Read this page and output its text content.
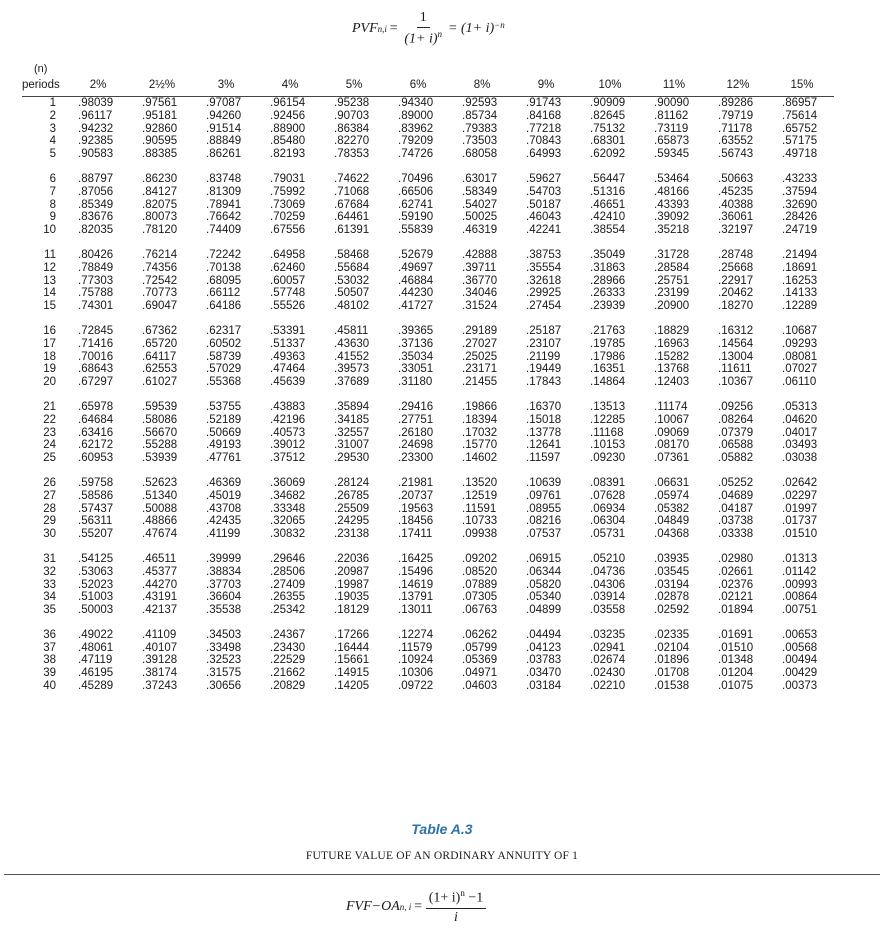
PVF $n,i = \frac{1}{(1+ i)^n} = (1+ i)^{-n}$
(n)
periods	2%	2½%	3%	4%	5%	6%	8%	9%	10%	11%	12%	15%
1	.98039	.97561	.97087	.96154	.95238	.94340	.92593	.91743	.90909	.90090	.89286	.86957
2	.96117	.95181	.94260	.92456	.90703	.89000	.85734	.84168	.82645	.81162	.79719	.75614
3	.94232	.92860	.91514	.88900	.86384	.83962	.79383	.77218	.75132	.73119	.71178	.65752
4	.92385	.90595	.88849	.85480	.82270	.79209	.73503	.70843	.68301	.65873	.63552	.57175
5	.90583	.88385	.86261	.82193	.78353	.74726	.68058	.64993	.62092	.59345	.56743	.49718

6	.88797	.86230	.83748	.79031	.74622	.70496	.63017	.59627	.56447	.53464	.50663	.43233
7	.87056	.84127	.81309	.75992	.71068	.66506	.58349	.54703	.51316	.48166	.45235	.37594
8	.85349	.82075	.78941	.73069	.67684	.62741	.54027	.50187	.46651	.43393	.40388	.32690
9	.83676	.80073	.76642	.70259	.64461	.59190	.50025	.46043	.42410	.39092	.36061	.28426
10	.82035	.78120	.74409	.67556	.61391	.55839	.46319	.42241	.38554	.35218	.32197	.24719

11	.80426	.76214	.72242	.64958	.58468	.52679	.42888	.38753	.35049	.31728	.28748	.21494
12	.78849	.74356	.70138	.62460	.55684	.49697	.39711	.35554	.31863	.28584	.25668	.18691
13	.77303	.72542	.68095	.60057	.53032	.46884	.36770	.32618	.28966	.25751	.22917	.16253
14	.75788	.70773	.66112	.57748	.50507	.44230	.34046	.29925	.26333	.23199	.20462	.14133
15	.74301	.69047	.64186	.55526	.48102	.41727	.31524	.27454	.23939	.20900	.18270	.12289

16	.72845	.67362	.62317	.53391	.45811	.39365	.29189	.25187	.21763	.18829	.16312	.10687
17	.71416	.65720	.60502	.51337	.43630	.37136	.27027	.23107	.19785	.16963	.14564	.09293
18	.70016	.64117	.58739	.49363	.41552	.35034	.25025	.21199	.17986	.15282	.13004	.08081
19	.68643	.62553	.57029	.47464	.39573	.33051	.23171	.19449	.16351	.13768	.11611	.07027
20	.67297	.61027	.55368	.45639	.37689	.31180	.21455	.17843	.14864	.12403	.10367	.06110

21	.65978	.59539	.53755	.43883	.35894	.29416	.19866	.16370	.13513	.11174	.09256	.05313
22	.64684	.58086	.52189	.42196	.34185	.27751	.18394	.15018	.12285	.10067	.08264	.04620
23	.63416	.56670	.50669	.40573	.32557	.26180	.17032	.13778	.11168	.09069	.07379	.04017
24	.62172	.55288	.49193	.39012	.31007	.24698	.15770	.12641	.10153	.08170	.06588	.03493
25	.60953	.53939	.47761	.37512	.29530	.23300	.14602	.11597	.09230	.07361	.05882	.03038

26	.59758	.52623	.46369	.36069	.28124	.21981	.13520	.10639	.08391	.06631	.05252	.02642
27	.58586	.51340	.45019	.34682	.26785	.20737	.12519	.09761	.07628	.05974	.04689	.02297
28	.57437	.50088	.43708	.33348	.25509	.19563	.11591	.08955	.06934	.05382	.04187	.01997
29	.56311	.48866	.42435	.32065	.24295	.18456	.10733	.08216	.06304	.04849	.03738	.01737
30	.55207	.47674	.41199	.30832	.23138	.17411	.09938	.07537	.05731	.04368	.03338	.01510

31	.54125	.46511	.39999	.29646	.22036	.16425	.09202	.06915	.05210	.03935	.02980	.01313
32	.53063	.45377	.38834	.28506	.20987	.15496	.08520	.06344	.04736	.03545	.02661	.01142
33	.52023	.44270	.37703	.27409	.19987	.14619	.07889	.05820	.04306	.03194	.02376	.00993
34	.51003	.43191	.36604	.26355	.19035	.13791	.07305	.05340	.03914	.02878	.02121	.00864
35	.50003	.42137	.35538	.25342	.18129	.13011	.06763	.04899	.03558	.02592	.01894	.00751

36	.49022	.41109	.34503	.24367	.17266	.12274	.06262	.04494	.03235	.02335	.01691	.00653
37	.48061	.40107	.33498	.23430	.16444	.11579	.05799	.04123	.02941	.02104	.01510	.00568
38	.47119	.39128	.32523	.22529	.15661	.10924	.05369	.03783	.02674	.01896	.01348	.00494
39	.46195	.38174	.31575	.21662	.14915	.10306	.04971	.03470	.02430	.01708	.01204	.00429
40	.45289	.37243	.30656	.20829	.14205	.09722	.04603	.03184	.02210	.01538	.01075	.00373
Table A.3
FUTURE VALUE OF AN ORDINARY ANNUITY OF 1
FVF−OA n, $i = \frac{(1+ i)^n -1}{i}$
